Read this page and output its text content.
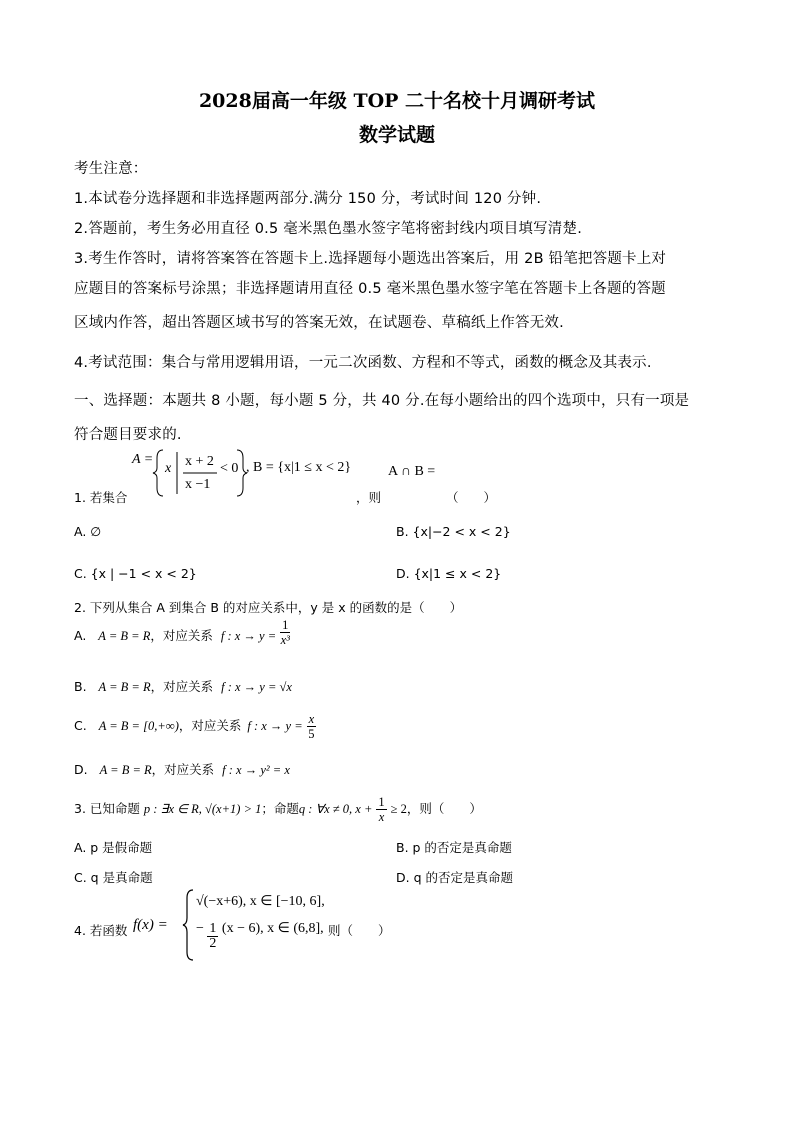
2028届高一年级 TOP 二十名校十月调研考试
数学试题
考生注意：
1.本试卷分选择题和非选择题两部分.满分 150 分，考试时间 120 分钟.
2.答题前，考生务必用直径 0.5 毫米黑色墨水签字笔将密封线内项目填写清楚.
3.考生作答时，请将答案答在答题卡上.选择题每小题选出答案后，用 2B 铅笔把答题卡上对
应题目的答案标号涂黑；非选择题请用直径 0.5 毫米黑色墨水签字笔在答题卡上各题的答题
区域内作答，超出答题区域书写的答案无效，在试题卷、草稿纸上作答无效.
4.考试范围：集合与常用逻辑用语，一元二次函数、方程和不等式，函数的概念及其表示.
一、选择题：本题共 8 小题，每小题 5 分，共 40 分.在每小题给出的四个选项中，只有一项是
符合题目要求的.
1. 若集合
A =
x x + 2 < 0
x −1
, B = {x|1 ≤ x < 2}
，则
A ∩ B =
（　　）
A. ∅	B. {x|−2 < x < 2}
C. {x | −1 < x < 2}	D. {x|1 ≤ x < 2}
2. 下列从集合 A 到集合 B 的对应关系中，y 是 x 的函数的是（　　）
A. A = B = R，对应关系 f : $x \to y = \frac{1}{\text{x³}}$
B. A = B = R，对应关系 f : x → y = √x
C. A = B = [0,+∞)，对应关系 f : $x \to y = \frac{x}{5}$
D. A = B = R，对应关系 f : x → y² = x
3. 已知命题 p : ∃x ∈ R, √(x+1) > 1；命题q : ∀x ≠ 0, $x + \frac{1}{x} \ge 2$，则（　　）
A. p 是假命题	B. p 的否定是真命题
C. q 是真命题	D. q 的否定是真命题
4. 若函数 f(x) =
√(−x+6), x ∈ [−10, 6],
− $\frac{1}{2} (x - 6)$, x ∈ (6,8], 则（　　）
